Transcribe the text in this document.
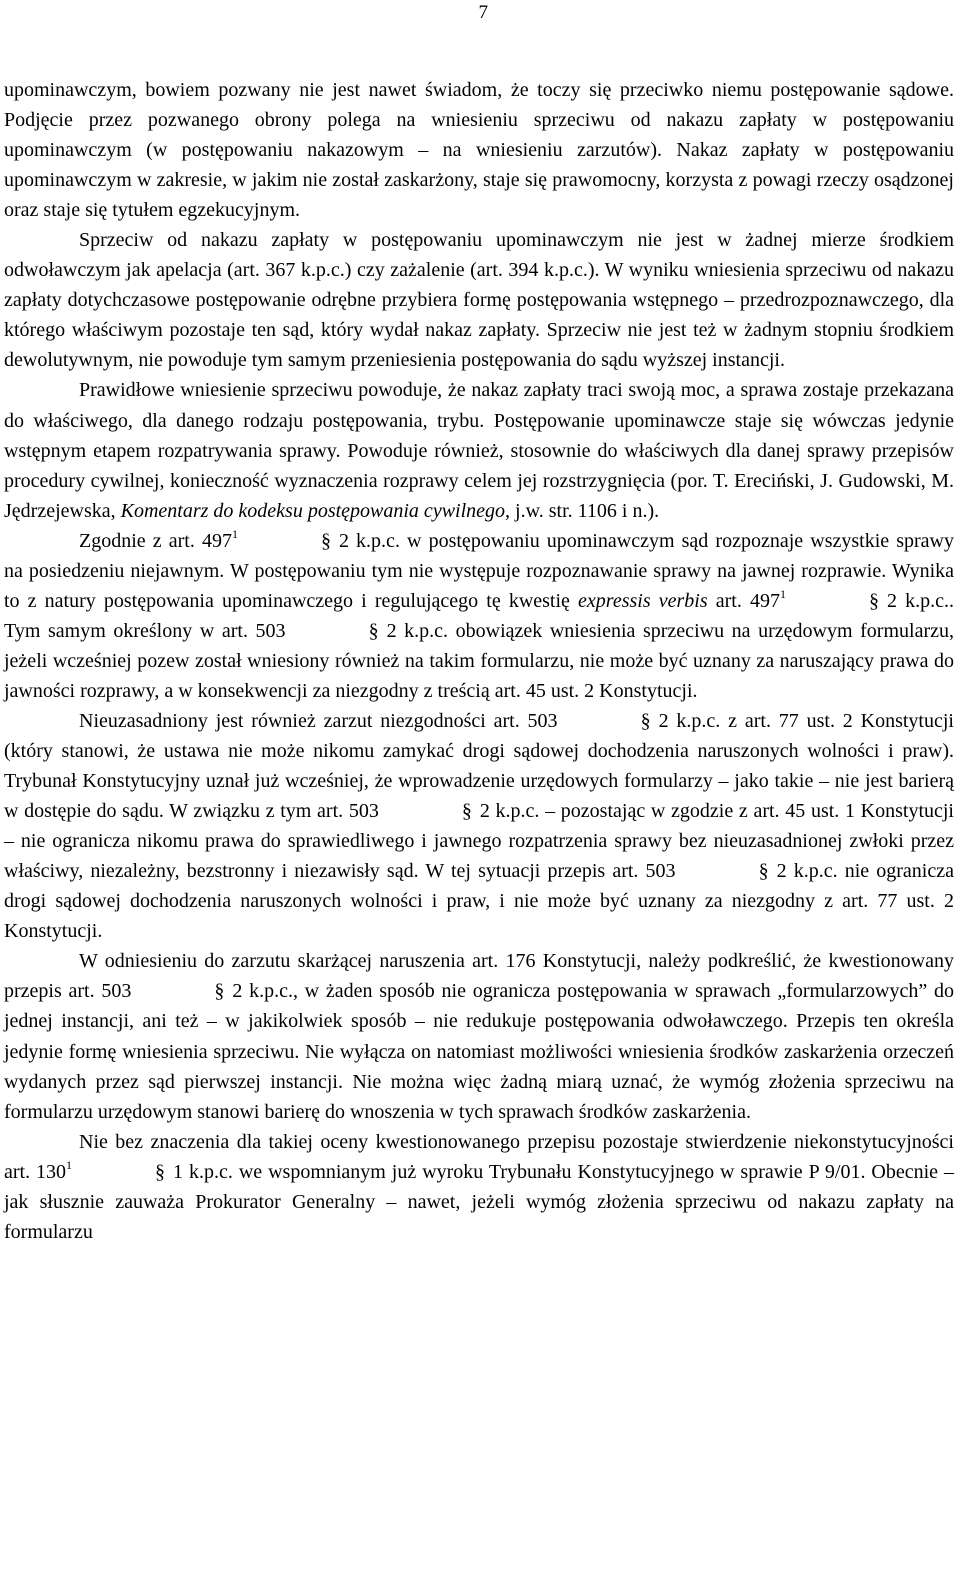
7

upominawczym, bowiem pozwany nie jest nawet świadom, że toczy się przeciwko niemu postępowanie sądowe. Podjęcie przez pozwanego obrony polega na wniesieniu sprzeciwu od nakazu zapłaty w postępowaniu upominawczym (w postępowaniu nakazowym – na wniesieniu zarzutów). Nakaz zapłaty w postępowaniu upominawczym w zakresie, w jakim nie został zaskarżony, staje się prawomocny, korzysta z powagi rzeczy osądzonej oraz staje się tytułem egzekucyjnym.

Sprzeciw od nakazu zapłaty w postępowaniu upominawczym nie jest w żadnej mierze środkiem odwoławczym jak apelacja (art. 367 k.p.c.) czy zażalenie (art. 394 k.p.c.). W wyniku wniesienia sprzeciwu od nakazu zapłaty dotychczasowe postępowanie odrębne przybiera formę postępowania wstępnego – przedrozpoznawczego, dla którego właściwym pozostaje ten sąd, który wydał nakaz zapłaty. Sprzeciw nie jest też w żadnym stopniu środkiem dewolutywnym, nie powoduje tym samym przeniesienia postępowania do sądu wyższej instancji.

Prawidłowe wniesienie sprzeciwu powoduje, że nakaz zapłaty traci swoją moc, a sprawa zostaje przekazana do właściwego, dla danego rodzaju postępowania, trybu. Postępowanie upominawcze staje się wówczas jedynie wstępnym etapem rozpatrywania sprawy. Powoduje również, stosownie do właściwych dla danej sprawy przepisów procedury cywilnej, konieczność wyznaczenia rozprawy celem jej rozstrzygnięcia (por. T. Ereciński, J. Gudowski, M. Jędrzejewska, Komentarz do kodeksu postępowania cywilnego, j.w. str. 1106 i n.).

Zgodnie z art. $497^1$	§ 2 k.p.c. w postępowaniu upominawczym sąd rozpoznaje wszystkie sprawy na posiedzeniu niejawnym. W postępowaniu tym nie występuje rozpoznawanie sprawy na jawnej rozprawie. Wynika to z natury postępowania upominawczego i regulującego tę kwestię expressis verbis art. $497^1$	§ 2 k.p.c.. Tym samym określony w art. 503	§ 2 k.p.c. obowiązek wniesienia sprzeciwu na urzędowym formularzu, jeżeli wcześniej pozew został wniesiony również na takim formularzu, nie może być uznany za naruszający prawa do jawności rozprawy, a w konsekwencji za niezgodny z treścią art. 45 ust. 2 Konstytucji.

Nieuzasadniony jest również zarzut niezgodności art. 503	§ 2 k.p.c. z art. 77 ust. 2 Konstytucji (który stanowi, że ustawa nie może nikomu zamykać drogi sądowej dochodzenia naruszonych wolności i praw). Trybunał Konstytucyjny uznał już wcześniej, że wprowadzenie urzędowych formularzy – jako takie – nie jest barierą w dostępie do sądu. W związku z tym art. 503	§ 2 k.p.c. – pozostając w zgodzie z art. 45 ust. 1 Konstytucji – nie ogranicza nikomu prawa do sprawiedliwego i jawnego rozpatrzenia sprawy bez nieuzasadnionej zwłoki przez właściwy, niezależny, bezstronny i niezawisły sąd. W tej sytuacji przepis art. 503	§ 2 k.p.c. nie ogranicza drogi sądowej dochodzenia naruszonych wolności i praw, i nie może być uznany za niezgodny z art. 77 ust. 2 Konstytucji.

W odniesieniu do zarzutu skarżącej naruszenia art. 176 Konstytucji, należy podkreślić, że kwestionowany przepis art. 503	§ 2 k.p.c., w żaden sposób nie ogranicza postępowania w sprawach „formularzowych” do jednej instancji, ani też – w jakikolwiek sposób – nie redukuje postępowania odwoławczego. Przepis ten określa jedynie formę wniesienia sprzeciwu. Nie wyłącza on natomiast możliwości wniesienia środków zaskarżenia orzeczeń wydanych przez sąd pierwszej instancji. Nie można więc żadną miarą uznać, że wymóg złożenia sprzeciwu na formularzu urzędowym stanowi barierę do wnoszenia w tych sprawach środków zaskarżenia.

Nie bez znaczenia dla takiej oceny kwestionowanego przepisu pozostaje stwierdzenie niekonstytucyjności art. $130^1$	§ 1 k.p.c. we wspomnianym już wyroku Trybunału Konstytucyjnego w sprawie P 9/01. Obecnie – jak słusznie zauważa Prokurator Generalny – nawet, jeżeli wymóg złożenia sprzeciwu od nakazu zapłaty na formularzu
